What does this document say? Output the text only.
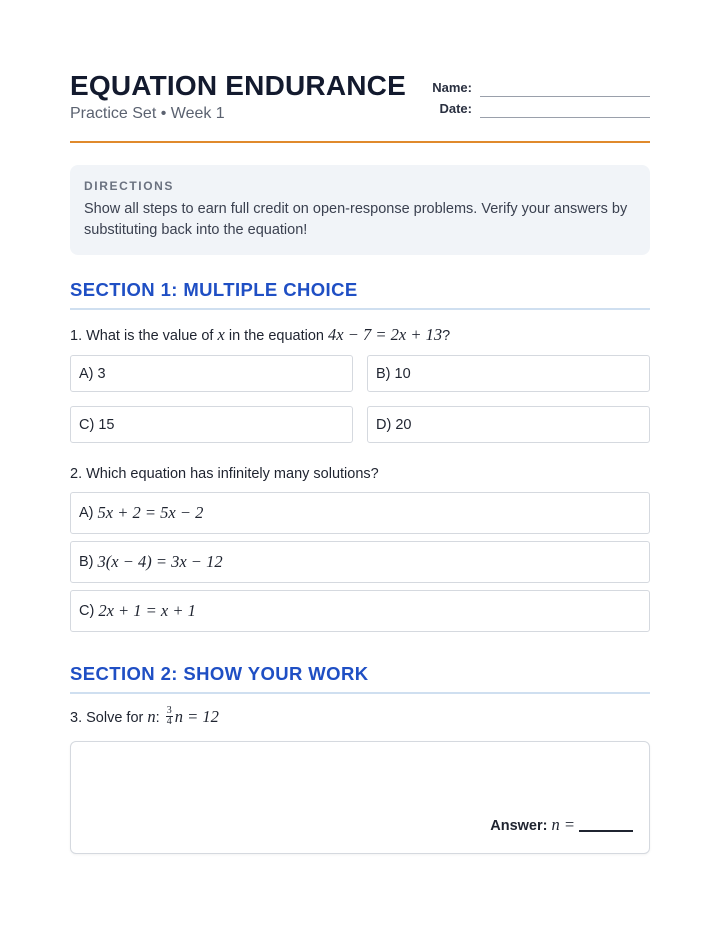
EQUATION ENDURANCE
Practice Set • Week 1
Name:
Date:
DIRECTIONS
Show all steps to earn full credit on open-response problems. Verify your answers by substituting back into the equation!
SECTION 1: MULTIPLE CHOICE
1. What is the value of x in the equation 4x − 7 = 2x + 13?
A)
3	B)
10
C)
15	D)
20
2. Which equation has infinitely many solutions?
A)
5x + 2 = 5x − 2
B)
3(x − 4) = 3x − 12
C)
2x + 1 = x + 1
SECTION 2: SHOW YOUR WORK
3. Solve for n: $\frac{3}{4}$ n = 12
Answer: n =
